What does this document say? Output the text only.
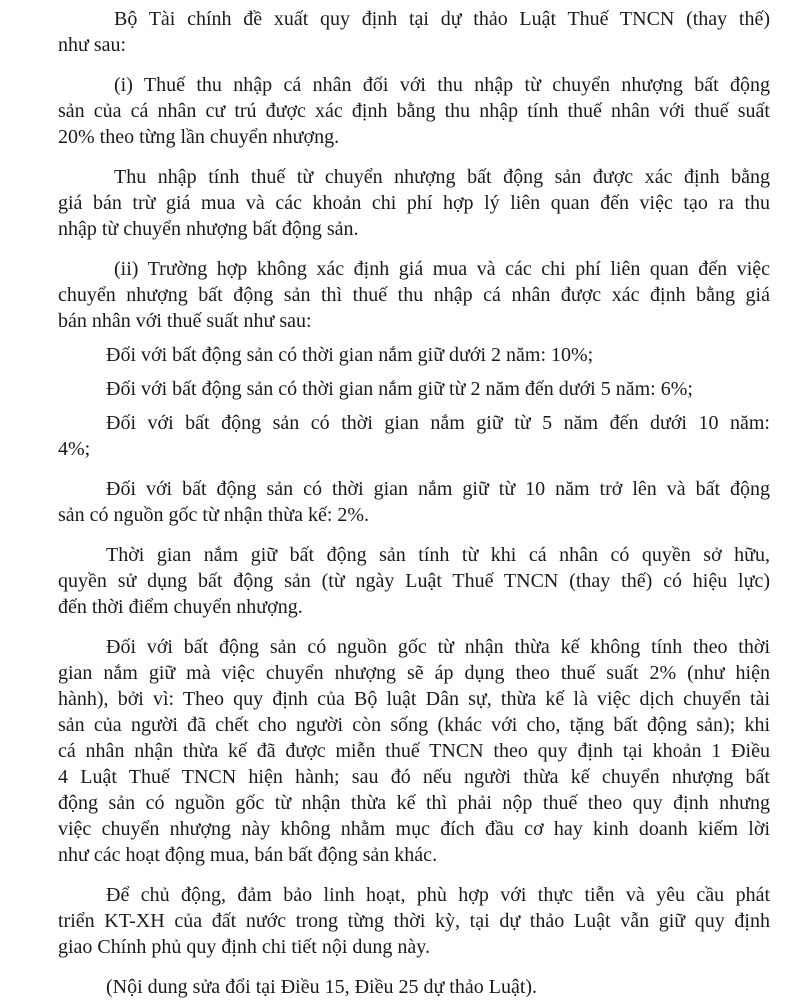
Bộ Tài chính đề xuất quy định tại dự thảo Luật Thuế TNCN (thay thế)
như sau:
(i) Thuế thu nhập cá nhân đối với thu nhập từ chuyển nhượng bất động
sản của cá nhân cư trú được xác định bằng thu nhập tính thuế nhân với thuế suất
20% theo từng lần chuyển nhượng.
Thu nhập tính thuế từ chuyển nhượng bất động sản được xác định bằng
giá bán trừ giá mua và các khoản chi phí hợp lý liên quan đến việc tạo ra thu
nhập từ chuyển nhượng bất động sản.
(ii) Trường hợp không xác định giá mua và các chi phí liên quan đến việc
chuyển nhượng bất động sản thì thuế thu nhập cá nhân được xác định bằng giá
bán nhân với thuế suất như sau:
Đối với bất động sản có thời gian nắm giữ dưới 2 năm: 10%;
Đối với bất động sản có thời gian nắm giữ từ 2 năm đến dưới 5 năm: 6%;
Đối với bất động sản có thời gian nắm giữ từ 5 năm đến dưới 10 năm:
4%;
Đối với bất động sản có thời gian nắm giữ từ 10 năm trở lên và bất động
sản có nguồn gốc từ nhận thừa kế: 2%.
Thời gian nắm giữ bất động sản tính từ khi cá nhân có quyền sở hữu,
quyền sử dụng bất động sản (từ ngày Luật Thuế TNCN (thay thế) có hiệu lực)
đến thời điểm chuyển nhượng.
Đối với bất động sản có nguồn gốc từ nhận thừa kế không tính theo thời
gian nắm giữ mà việc chuyển nhượng sẽ áp dụng theo thuế suất 2% (như hiện
hành), bởi vì: Theo quy định của Bộ luật Dân sự, thừa kế là việc dịch chuyển tài
sản của người đã chết cho người còn sống (khác với cho, tặng bất động sản); khi
cá nhân nhận thừa kế đã được miễn thuế TNCN theo quy định tại khoản 1 Điều
4 Luật Thuế TNCN hiện hành; sau đó nếu người thừa kế chuyển nhượng bất
động sản có nguồn gốc từ nhận thừa kế thì phải nộp thuế theo quy định nhưng
việc chuyển nhượng này không nhằm mục đích đầu cơ hay kinh doanh kiếm lời
như các hoạt động mua, bán bất động sản khác.
Để chủ động, đảm bảo linh hoạt, phù hợp với thực tiễn và yêu cầu phát
triển KT-XH của đất nước trong từng thời kỳ, tại dự thảo Luật vẫn giữ quy định
giao Chính phủ quy định chi tiết nội dung này.
(Nội dung sửa đổi tại Điều 15, Điều 25 dự thảo Luật).
